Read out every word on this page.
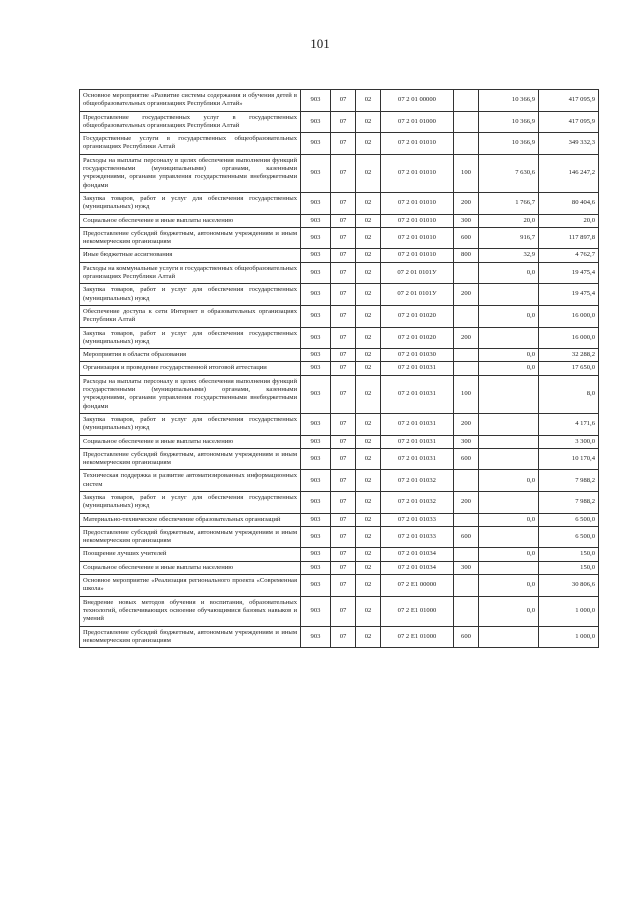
101
Основное мероприятие «Развитие системы содержания и обучения детей в общеобразовательных организациях Республики Алтай»	903	07	02	07 2 01 00000		10 366,9	417 095,9
Предоставление государственных услуг в государственных общеобразовательных организациях Республики Алтай	903	07	02	07 2 01 01000		10 366,9	417 095,9
Государственные услуги в государственных общеобразовательных организациях Республики Алтай	903	07	02	07 2 01 01010		10 366,9	349 332,3
Расходы на выплаты персоналу в целях обеспечения выполнения функций государственными (муниципальными) органами, казенными учреждениями, органами управления государственными внебюджетными фондами	903	07	02	07 2 01 01010	100	7 630,6	146 247,2
Закупка товаров, работ и услуг для обеспечения государственных (муниципальных) нужд	903	07	02	07 2 01 01010	200	1 766,7	80 404,6
Социальное обеспечение и иные выплаты населению	903	07	02	07 2 01 01010	300	20,0	20,0
Предоставление субсидий бюджетным, автономным учреждениям и иным некоммерческим организациям	903	07	02	07 2 01 01010	600	916,7	117 897,8
Иные бюджетные ассигнования	903	07	02	07 2 01 01010	800	32,9	4 762,7
Расходы на коммунальные услуги в государственных общеобразовательных организациях Республики Алтай	903	07	02	07 2 01 0101У		0,0	19 475,4
Закупка товаров, работ и услуг для обеспечения государственных (муниципальных) нужд	903	07	02	07 2 01 0101У	200		19 475,4
Обеспечение доступа к сети Интернет в образовательных организациях Республики Алтай	903	07	02	07 2 01 01020		0,0	16 000,0
Закупка товаров, работ и услуг для обеспечения государственных (муниципальных) нужд	903	07	02	07 2 01 01020	200		16 000,0
Мероприятия в области образования	903	07	02	07 2 01 01030		0,0	32 288,2
Организация и проведение государственной итоговой аттестации	903	07	02	07 2 01 01031		0,0	17 650,0
Расходы на выплаты персоналу в целях обеспечения выполнения функций государственными (муниципальными) органами, казенными учреждениями, органами управления государственными внебюджетными фондами	903	07	02	07 2 01 01031	100		8,0
Закупка товаров, работ и услуг для обеспечения государственных (муниципальных) нужд	903	07	02	07 2 01 01031	200		4 171,6
Социальное обеспечение и иные выплаты населению	903	07	02	07 2 01 01031	300		3 300,0
Предоставление субсидий бюджетным, автономным учреждениям и иным некоммерческим организациям	903	07	02	07 2 01 01031	600		10 170,4
Техническая поддержка и развитие автоматизированных информационных систем	903	07	02	07 2 01 01032		0,0	7 988,2
Закупка товаров, работ и услуг для обеспечения государственных (муниципальных) нужд	903	07	02	07 2 01 01032	200		7 988,2
Материально-техническое обеспечение образовательных организаций	903	07	02	07 2 01 01033		0,0	6 500,0
Предоставление субсидий бюджетным, автономным учреждениям и иным некоммерческим организациям	903	07	02	07 2 01 01033	600		6 500,0
Поощрение лучших учителей	903	07	02	07 2 01 01034		0,0	150,0
Социальное обеспечение и иные выплаты населению	903	07	02	07 2 01 01034	300		150,0
Основное мероприятие «Реализация регионального проекта «Современная школа»	903	07	02	07 2 E1 00000		0,0	30 806,6
Внедрение новых методов обучения и воспитания, образовательных технологий, обеспечивающих освоение обучающимися базовых навыков и умений	903	07	02	07 2 E1 01000		0,0	1 000,0
Предоставление субсидий бюджетным, автономным учреждениям и иным некоммерческим организациям	903	07	02	07 2 E1 01000	600		1 000,0
